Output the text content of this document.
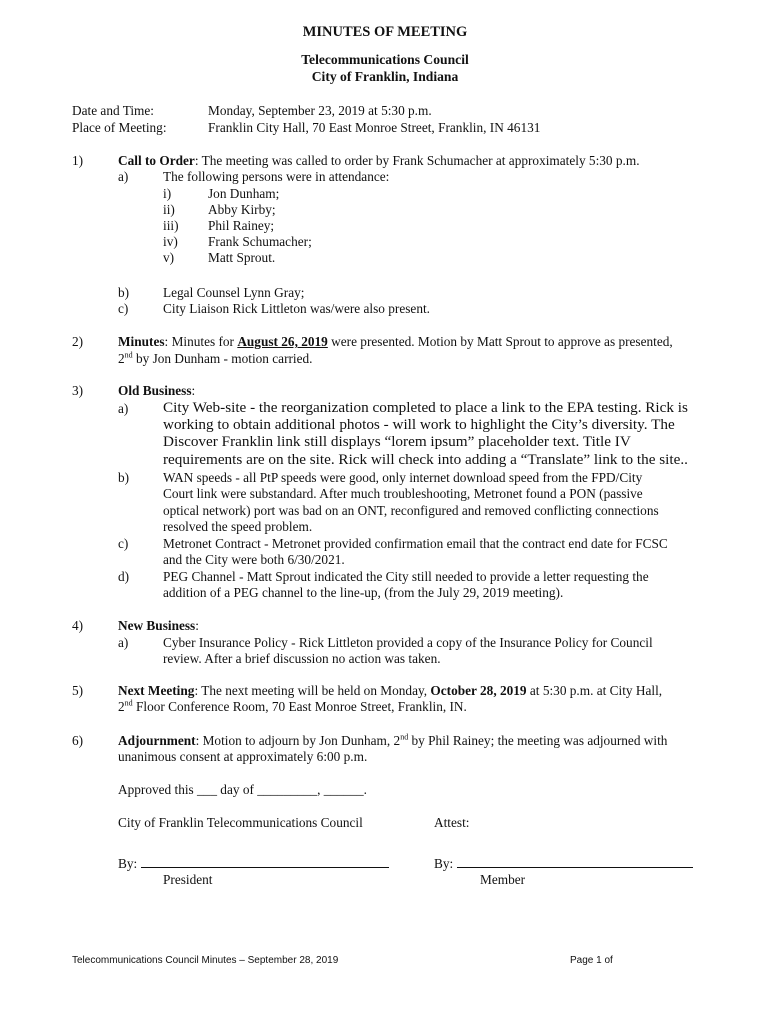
MINUTES OF MEETING
Telecommunications Council
City of Franklin, Indiana
Date and Time:	Monday, September 23, 2019 at 5:30 p.m.
Place of Meeting:	Franklin City Hall, 70 East Monroe Street, Franklin, IN 46131
1)	Call to Order: The meeting was called to order by Frank Schumacher at approximately 5:30 p.m.
a)	The following persons were in attendance:
i)	Jon Dunham;
ii) Abby Kirby;
iii) Phil Rainey;
iv) Frank Schumacher;
v)	Matt Sprout.
b)	Legal Counsel Lynn Gray;
c)	City Liaison Rick Littleton was/were also present.
2)	Minutes: Minutes for August 26, 2019 were presented. Motion by Matt Sprout to approve as presented,
2nd by Jon Dunham - motion carried.
3)	Old Business:
a) City Web-site - the reorganization completed to place a link to the EPA testing. Rick is
working to obtain additional photos - will work to highlight the City’s diversity. The
Discover Franklin link still displays “lorem ipsum” placeholder text. Title IV
requirements are on the site. Rick will check into adding a “Translate” link to the site..
b)	WAN speeds - all PtP speeds were good, only internet download speed from the FPD/City
Court link were substandard. After much troubleshooting, Metronet found a PON (passive
optical network) port was bad on an ONT, reconfigured and removed conflicting connections
resolved the speed problem.
c)	Metronet Contract - Metronet provided confirmation email that the contract end date for FCSC
and the City were both 6/30/2021.
d)	PEG Channel - Matt Sprout indicated the City still needed to provide a letter requesting the
addition of a PEG channel to the line-up, (from the July 29, 2019 meeting).
4)	New Business:
a)	Cyber Insurance Policy - Rick Littleton provided a copy of the Insurance Policy for Council
review. After a brief discussion no action was taken.
5)	Next Meeting: The next meeting will be held on Monday, October 28, 2019 at 5:30 p.m. at City Hall,
2nd Floor Conference Room, 70 East Monroe Street, Franklin, IN.
6)	Adjournment: Motion to adjourn by Jon Dunham, 2nd by Phil Rainey; the meeting was adjourned with
unanimous consent at approximately 6:00 p.m.
Approved this ___ day of _________, ______.
City of Franklin Telecommunications Council	Attest:
By:	By:
President	Member
Telecommunications Council Minutes – September 28, 2019	Page 1 of
